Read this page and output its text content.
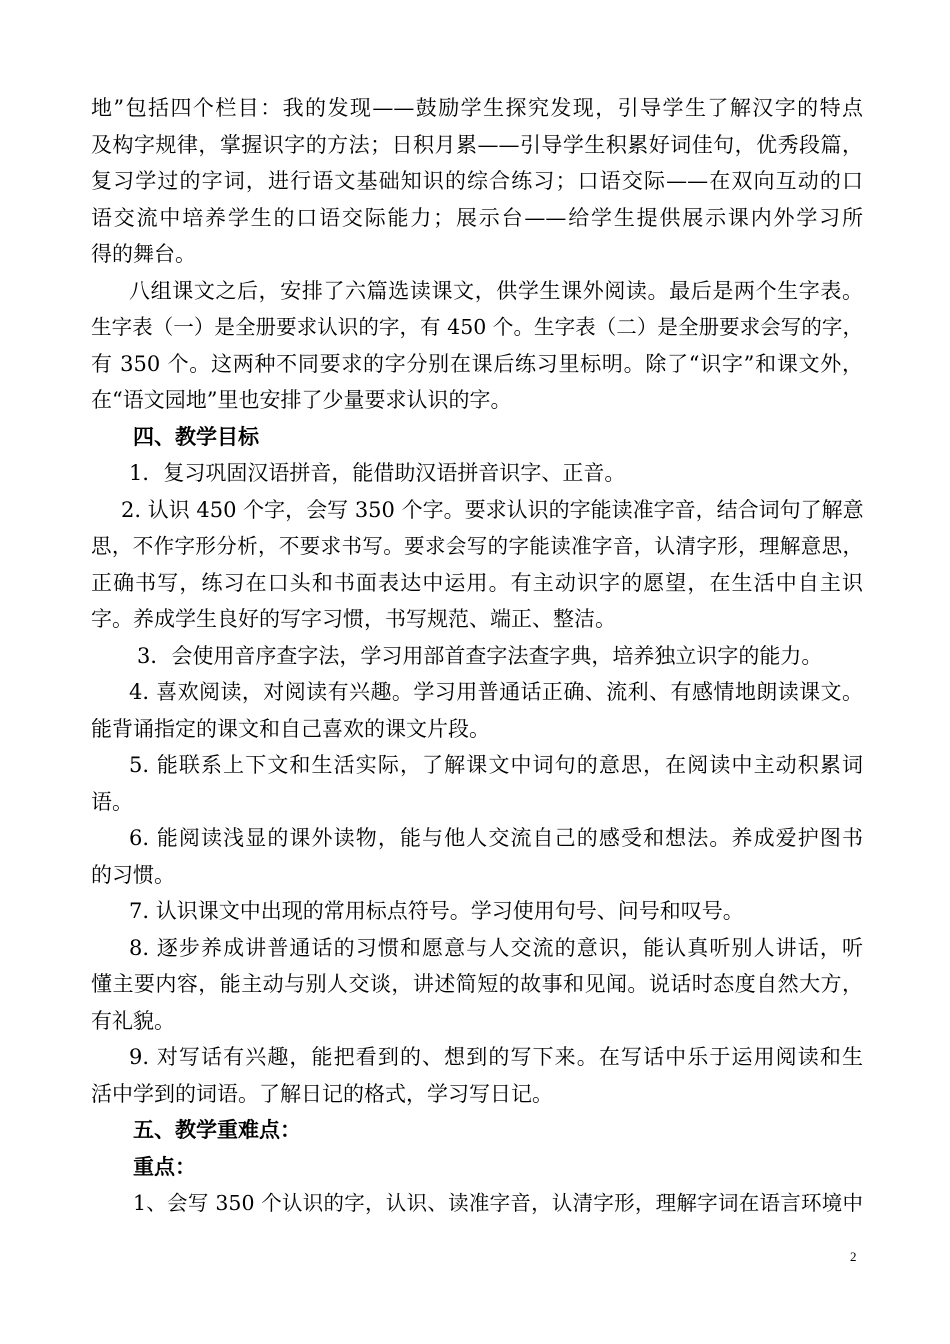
地”包括四个栏目：我的发现——鼓励学生探究发现，引导学生了解汉字的特点
及构字规律，掌握识字的方法；日积月累——引导学生积累好词佳句，优秀段篇，
复习学过的字词，进行语文基础知识的综合练习；口语交际——在双向互动的口
语交流中培养学生的口语交际能力；展示台——给学生提供展示课内外学习所
得的舞台。
八组课文之后，安排了六篇选读课文，供学生课外阅读。最后是两个生字表。
生字表（一）是全册要求认识的字，有 450 个。生字表（二）是全册要求会写的字，
有 350 个。这两种不同要求的字分别在课后练习里标明。除了“识字”和课文外，
在“语文园地”里也安排了少量要求认识的字。
四、教学目标
1．复习巩固汉语拼音，能借助汉语拼音识字、正音。
2. 认识 450 个字，会写 350 个字。要求认识的字能读准字音，结合词句了解意
思，不作字形分析，不要求书写。要求会写的字能读准字音，认清字形，理解意思，
正确书写，练习在口头和书面表达中运用。有主动识字的愿望，在生活中自主识
字。养成学生良好的写字习惯，书写规范、端正、整洁。
3．会使用音序查字法，学习用部首查字法查字典，培养独立识字的能力。
4. 喜欢阅读，对阅读有兴趣。学习用普通话正确、流利、有感情地朗读课文。
能背诵指定的课文和自己喜欢的课文片段。
5. 能联系上下文和生活实际，了解课文中词句的意思，在阅读中主动积累词
语。
6. 能阅读浅显的课外读物，能与他人交流自己的感受和想法。养成爱护图书
的习惯。
7. 认识课文中出现的常用标点符号。学习使用句号、问号和叹号。
8. 逐步养成讲普通话的习惯和愿意与人交流的意识，能认真听别人讲话，听
懂主要内容，能主动与别人交谈，讲述简短的故事和见闻。说话时态度自然大方，
有礼貌。
9. 对写话有兴趣，能把看到的、想到的写下来。在写话中乐于运用阅读和生
活中学到的词语。了解日记的格式，学习写日记。
五、教学重难点：
重点：
1、会写 350 个认识的字，认识、读准字音，认清字形，理解字词在语言环境中
2
